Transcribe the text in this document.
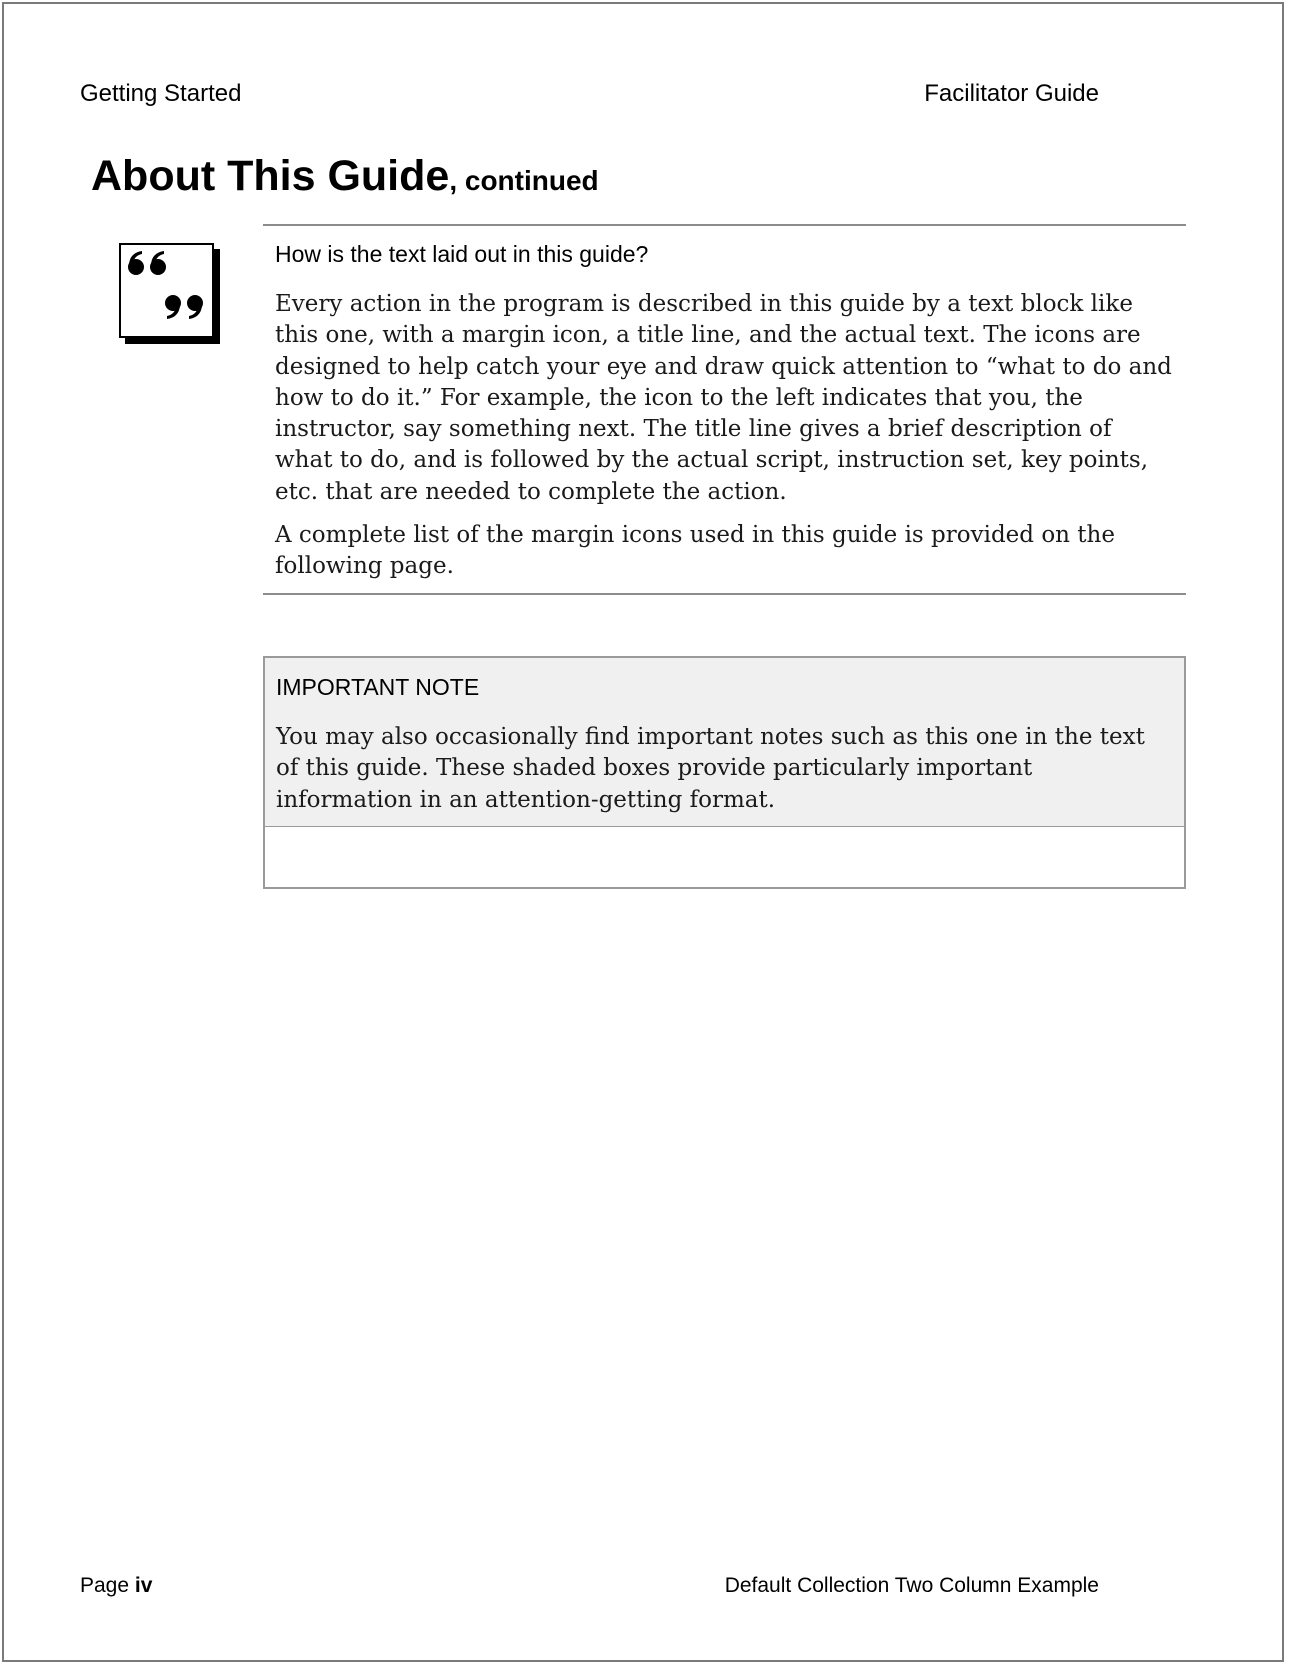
Getting Started	Facilitator Guide
About This Guide, continued
How is the text laid out in this guide?

Every action in the program is described in this guide by a text block like this one, with a margin icon, a title line, and the actual text. The icons are designed to help catch your eye and draw quick attention to “what to do and how to do it.” For example, the icon to the left indicates that you, the instructor, say something next. The title line gives a brief description of what to do, and is followed by the actual script, instruction set, key points, etc. that are needed to complete the action.

A complete list of the margin icons used in this guide is provided on the following page.

IMPORTANT NOTE

You may also occasionally find important notes such as this one in the text of this guide. These shaded boxes provide particularly important information in an attention-getting format.

Page iv	Default Collection Two Column Example
